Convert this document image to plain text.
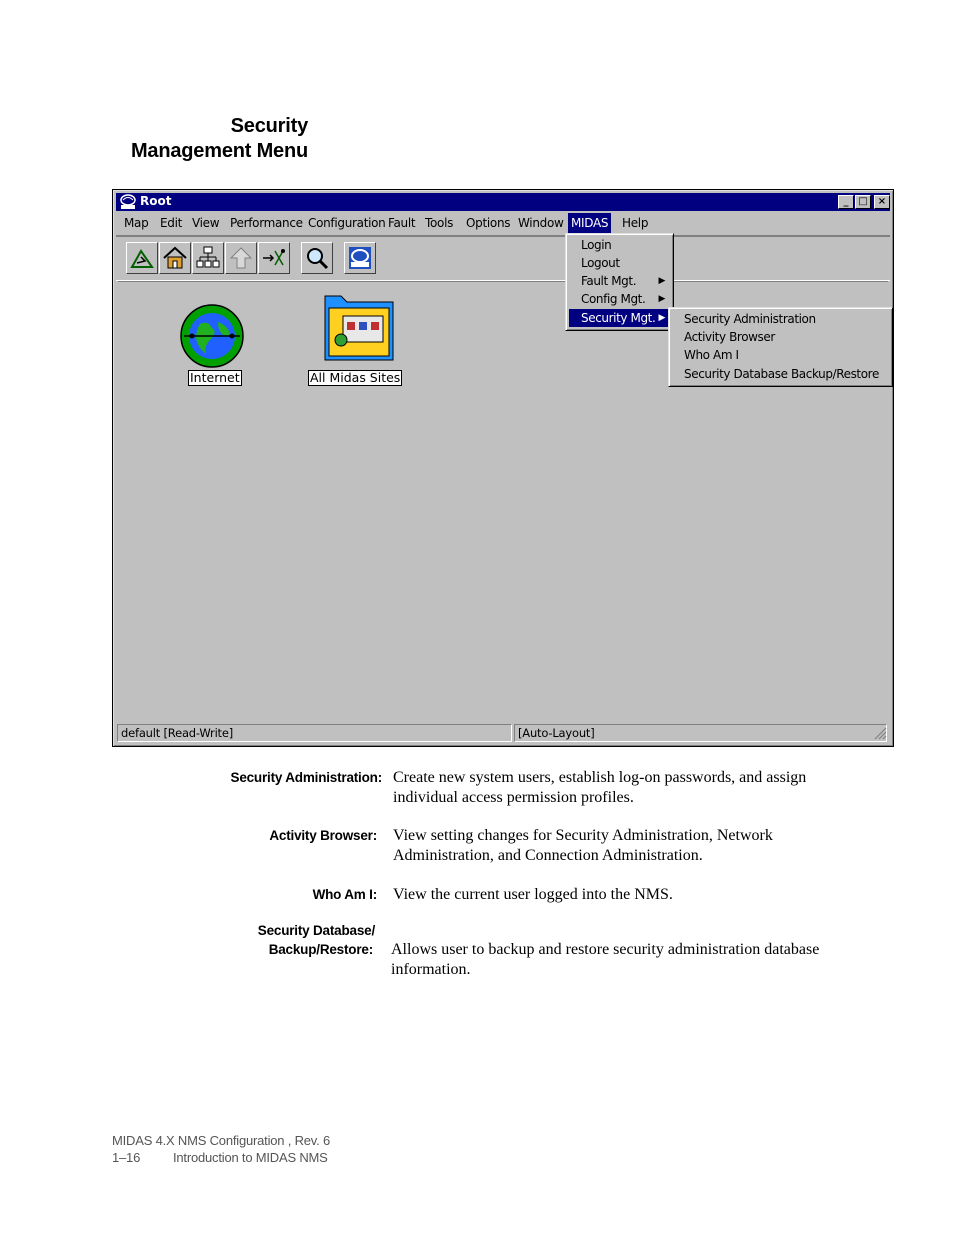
Security
Management Menu
Root	_ □	×
Map Edit View Performance Configuration Fault Tools Options Window MIDAS Help
Internet	All Midas Sites
default [Read-Write]	[Auto-Layout]
Login
Logout
Fault Mgt. ▶
Config Mgt. ▶
Security Mgt. ▶	Security Administration
Activity Browser
Who Am I
Security Database Backup/Restore
Security Administration: Create new system users, establish log-on passwords, and assign individual access permission profiles.
Activity Browser: View setting changes for Security Administration, Network Administration, and Connection Administration.
Who Am I: View the current user logged into the NMS.
Security Database/
Backup/Restore: Allows user to backup and restore security administration database information.
MIDAS 4.X NMS Configuration , Rev. 6
1–16	Introduction to MIDAS NMS
